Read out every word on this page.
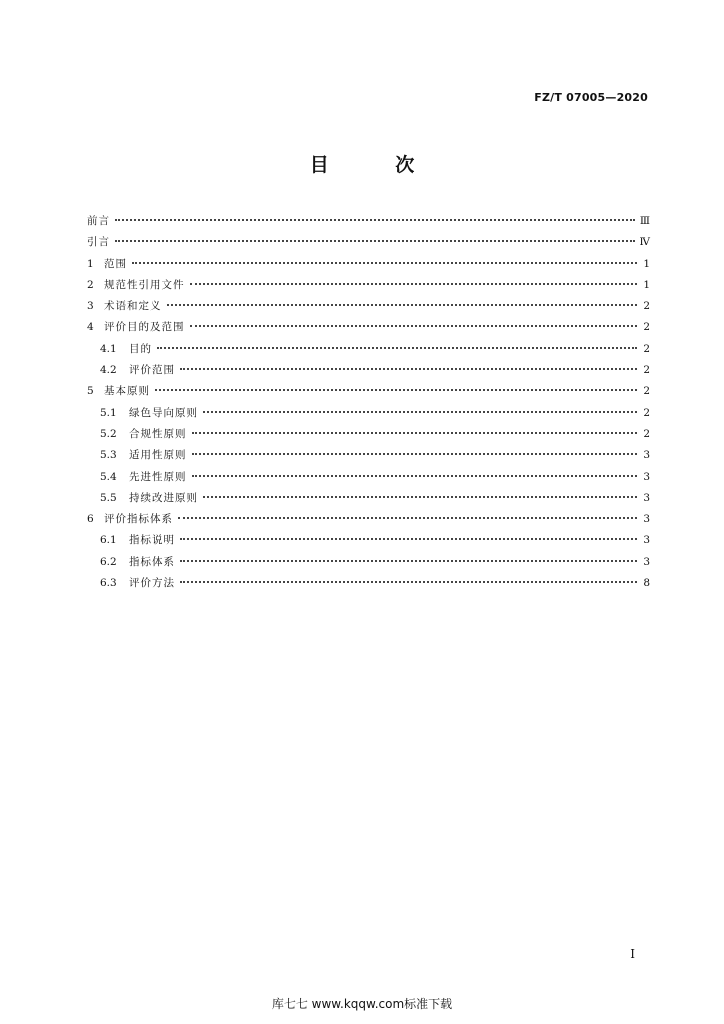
FZ/T 07005—2020
目 次
前言	Ⅲ
引言	Ⅳ
1 范围	1
2 规范性引用文件	1
3 术语和定义	2
4 评价目的及范围	2
4.1	目的	2
4.2	评价范围	2
5 基本原则	2
5.1	绿色导向原则	2
5.2	合规性原则	2
5.3	适用性原则	3
5.4	先进性原则	3
5.5	持续改进原则	3
6 评价指标体系	3
6.1	指标说明	3
6.2	指标体系	3
6.3	评价方法	8
I
库七七 www.kqqw.com标准下载
